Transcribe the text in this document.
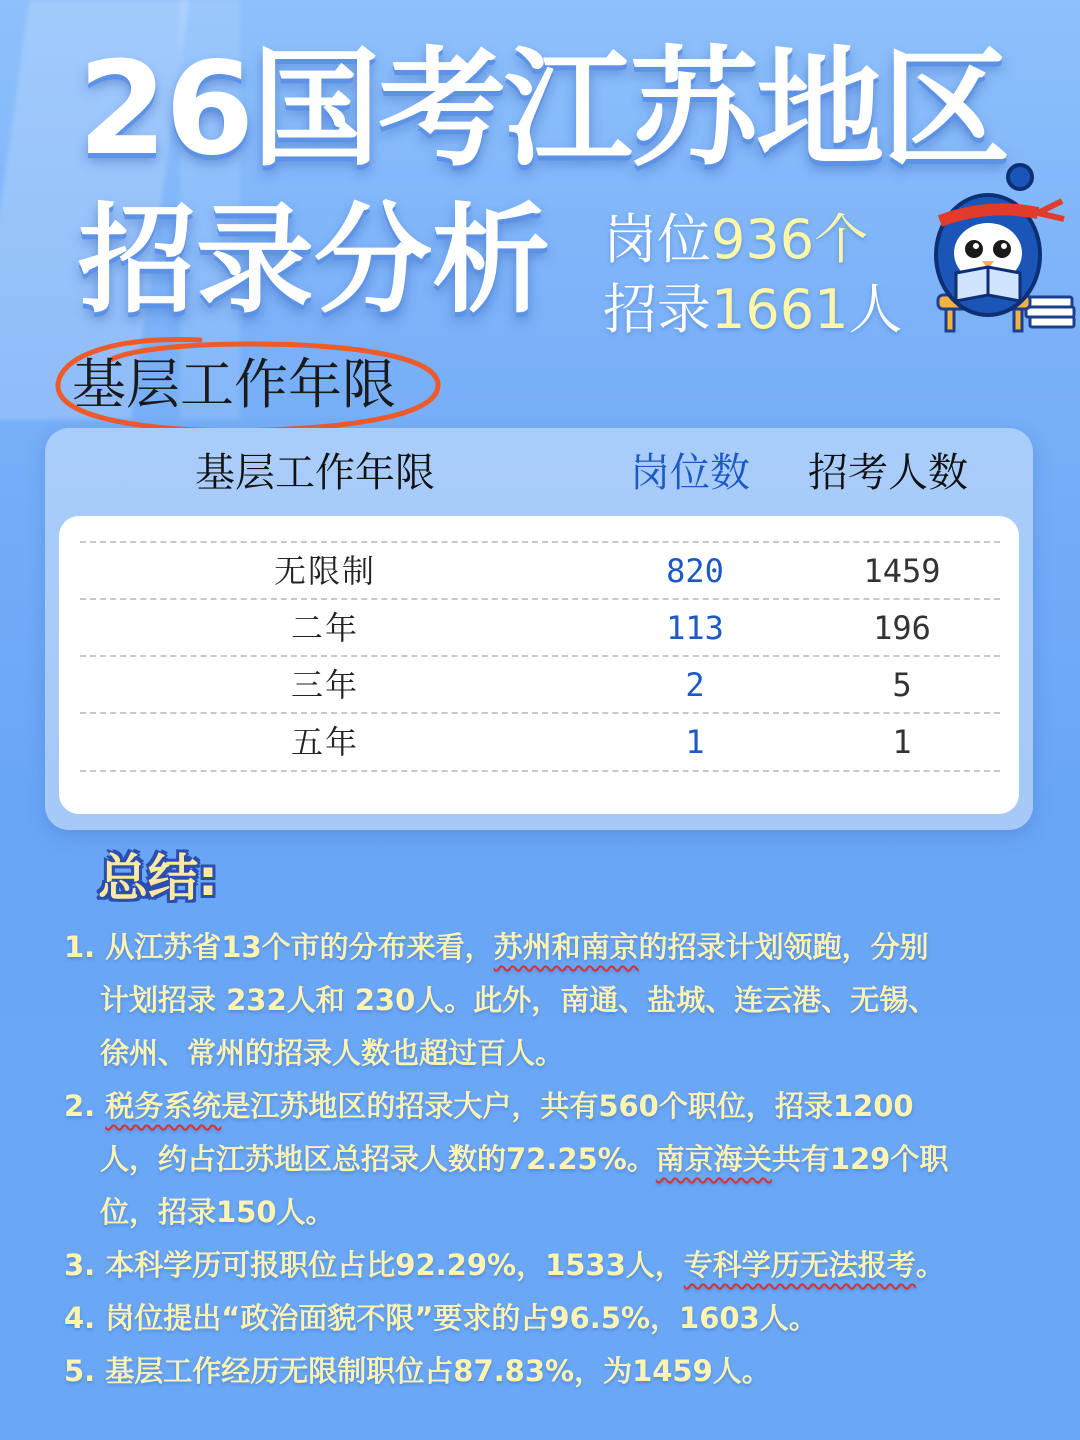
26国考江苏地区
招录分析 岗位936个
招录1661人
基层工作年限
基层工作年限	岗位数 招考人数
无限制	820	1459
二年	113	196
三年	2	5
五年	1	1
总结:
1. 从江苏省13个市的分布来看，苏州和南京的招录计划领跑，分别
计划招录 232人和 230人。此外，南通、盐城、连云港、无锡、
徐州、常州的招录人数也超过百人。
2. 税务系统是江苏地区的招录大户，共有560个职位，招录1200
人，约占江苏地区总招录人数的72.25%。南京海关共有129个职
位，招录150人。
3. 本科学历可报职位占比92.29%，1533人，专科学历无法报考。
4. 岗位提出“政治面貌不限”要求的占96.5%，1603人。
5. 基层工作经历无限制职位占87.83%，为1459人。
